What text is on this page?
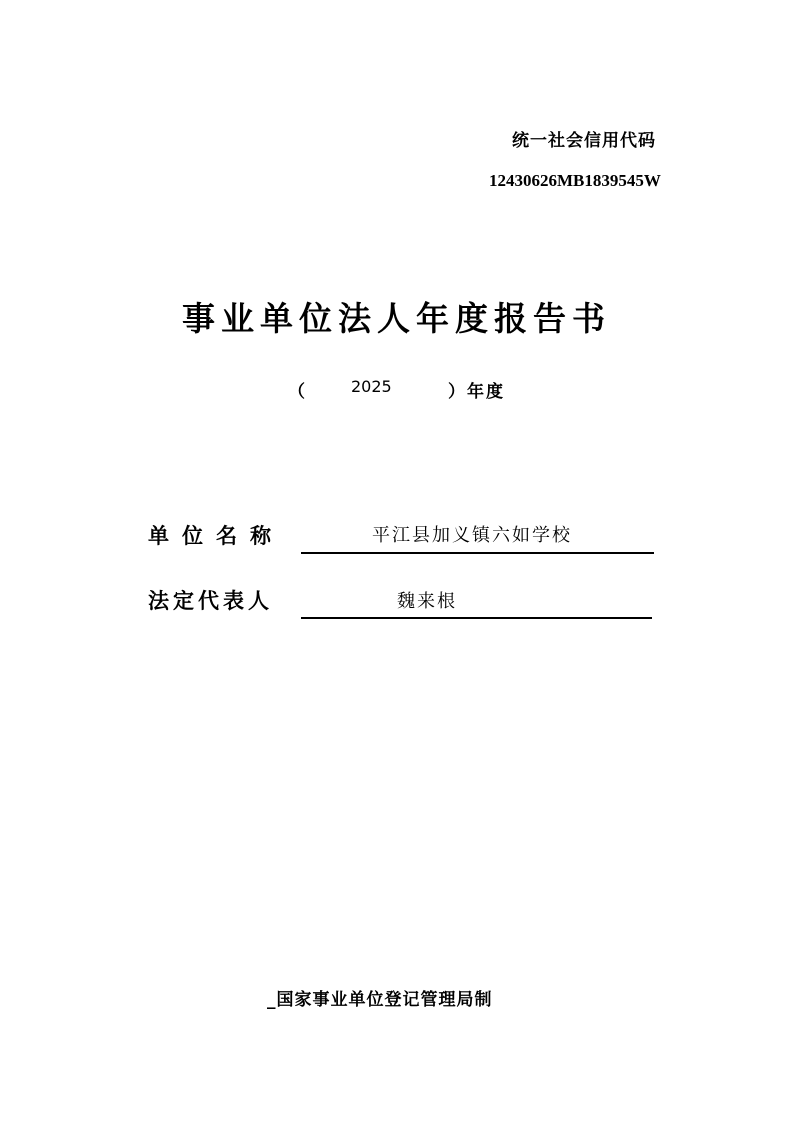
统一社会信用代码
12430626MB1839545W
事业单位法人年度报告书
（	2025	）年度
单位名称	平江县加义镇六如学校
法定代表人	魏来根
_国家事业单位登记管理局制
